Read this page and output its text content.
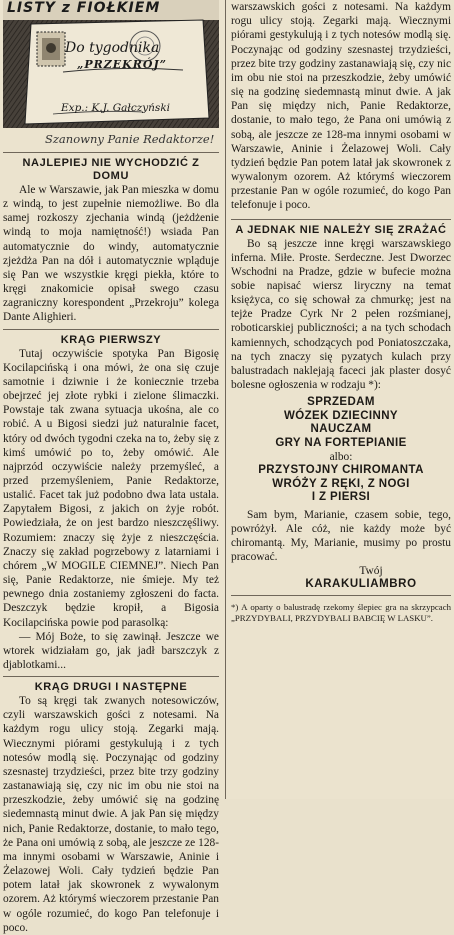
LISTY z FIOŁKIEM
Do tygodnika
„PRZEKRÓJ”
Exp.: K.J. Gałczyński
Szanowny Panie Redaktorze!
NAJLEPIEJ NIE WYCHODZIĆ Z DOMU

Ale w Warszawie, jak Pan mieszka w domu z windą, to jest zupełnie niemożliwe. Bo dla samej rozkoszy zjechania windą (jeżdżenie windą to moja namiętność!) wsiada Pan automatycznie do windy, automatycznie zjeżdża Pan na dół i automatycznie wpląduje się Pan we wszystkie kręgi piekła, które to kręgi znakomicie opisał swego czasu zagraniczny korespondent „Przekroju” kolega Dante Alighieri.

KRĄG PIERWSZY

Tutaj oczywiście spotyka Pan Bigosię Kocilapcińską i ona mówi, że ona się czuje samotnie i dziwnie i że koniecznie trzeba obejrzeć jej złote rybki i zielone ślimaczki. Powstaje tak zwana sytuacja ukośna, ale co robić. A u Bigosi siedzi już naturalnie facet, który od dwóch tygodni czeka na to, żeby się z kimś umówić po to, żeby omówić. Ale najprzód oczywiście należy przemyśleć, a przed przemyśleniem, Panie Redaktorze, ustalić. Facet tak już podobno dwa lata ustala. Zapytałem Bigosi, z jakich on żyje robót. Powiedziała, że on jest bardzo nieszczęśliwy. Rozumiem: znaczy się żyje z nieszczęścia. Znaczy się zakład pogrzebowy z latarniami i chórem „W MOGILE CIEMNEJ”. Niech Pan się, Panie Redaktorze, nie śmieje. My też pewnego dnia zostaniemy zgłoszeni do facta. Deszczyk będzie kropił, a Bigosia Kocilapcińska powie pod parasolką:

— Mój Boże, to się zawinął. Jeszcze we wtorek widziałam go, jak jadł barszczyk z djablotkami...

KRĄG DRUGI I NASTĘPNE

To są kręgi tak zwanych notesowiczów, czyli warszawskich gości z notesami. Na każdym rogu ulicy stoją. Zegarki mają. Wiecznymi piórami gestykulują i z tych notesów modlą się. Poczynając od godziny szesnastej trzydzieści, przez bite trzy godziny zastanawiają się, czy nic im obu nie stoi na przeszkodzie, żeby umówić się na godzinę siedemnastą minut dwie. A jak Pan się między nich, Panie Redaktorze, dostanie, to mało tego, że Pana oni umówią z sobą, ale jeszcze ze 128-ma innymi osobami w Warszawie, Aninie i Żelazowej Woli. Cały tydzień będzie Pan potem latał jak skowronek z wywalonym ozorem. Aż którymś wieczorem przestanie Pan w ogóle rozumieć, do kogo Pan telefonuje i poco.

warszawskich gości z notesami. Na każdym rogu ulicy stoją. Zegarki mają. Wiecznymi piórami gestykulują i z tych notesów modlą się. Poczynając od godziny szesnastej trzydzieści, przez bite trzy godziny zastanawiają się, czy nic im obu nie stoi na przeszkodzie, żeby umówić się na godzinę siedemnastą minut dwie. A jak Pan się między nich, Panie Redaktorze, dostanie, to mało tego, że Pana oni umówią z sobą, ale jeszcze ze 128-ma innymi osobami w Warszawie, Aninie i Żelazowej Woli. Cały tydzień będzie Pan potem latał jak skowronek z wywalonym ozorem. Aż którymś wieczorem przestanie Pan w ogóle rozumieć, do kogo Pan telefonuje i poco.

A JEDNAK NIE NALEŻY SIĘ ZRAŻAĆ

Bo są jeszcze inne kręgi warszawskiego inferna. Miłe. Proste. Serdeczne. Jest Dworzec Wschodni na Pradze, gdzie w bufecie można sobie napisać wiersz liryczny na temat księżyca, co się schował za chmurkę; jest na tejże Pradze Cyrk Nr 2 pełen rozśmianej, roboticarskiej publiczności; a na tych schodach kamiennych, schodzących pod Poniatoszczaka, na tych znaczy się pyzatych kulach przy balustradach naklejają faceci jak plaster dosyć bolesne ogłoszenia w rodzaju *):

SPRZEDAM
WÓZEK DZIECINNY
NAUCZAM
GRY NA FORTEPIANIE
albo:
PRZYSTOJNY CHIROMANTA
WRÓŻY Z RĘKI, Z NOGI
I Z PIERSI

Sam bym, Marianie, czasem sobie, tego, powróżył. Ale cóż, nie każdy może być chiromantą. My, Marianie, musimy po prostu pracować.

Twój
KARAKULIAMBRO

*) A oparty o balustradę rzekomy ślepiec gra na skrzypcach „PRZYDYBALI, PRZYDYBALI BABCIĘ W LASKU”.
